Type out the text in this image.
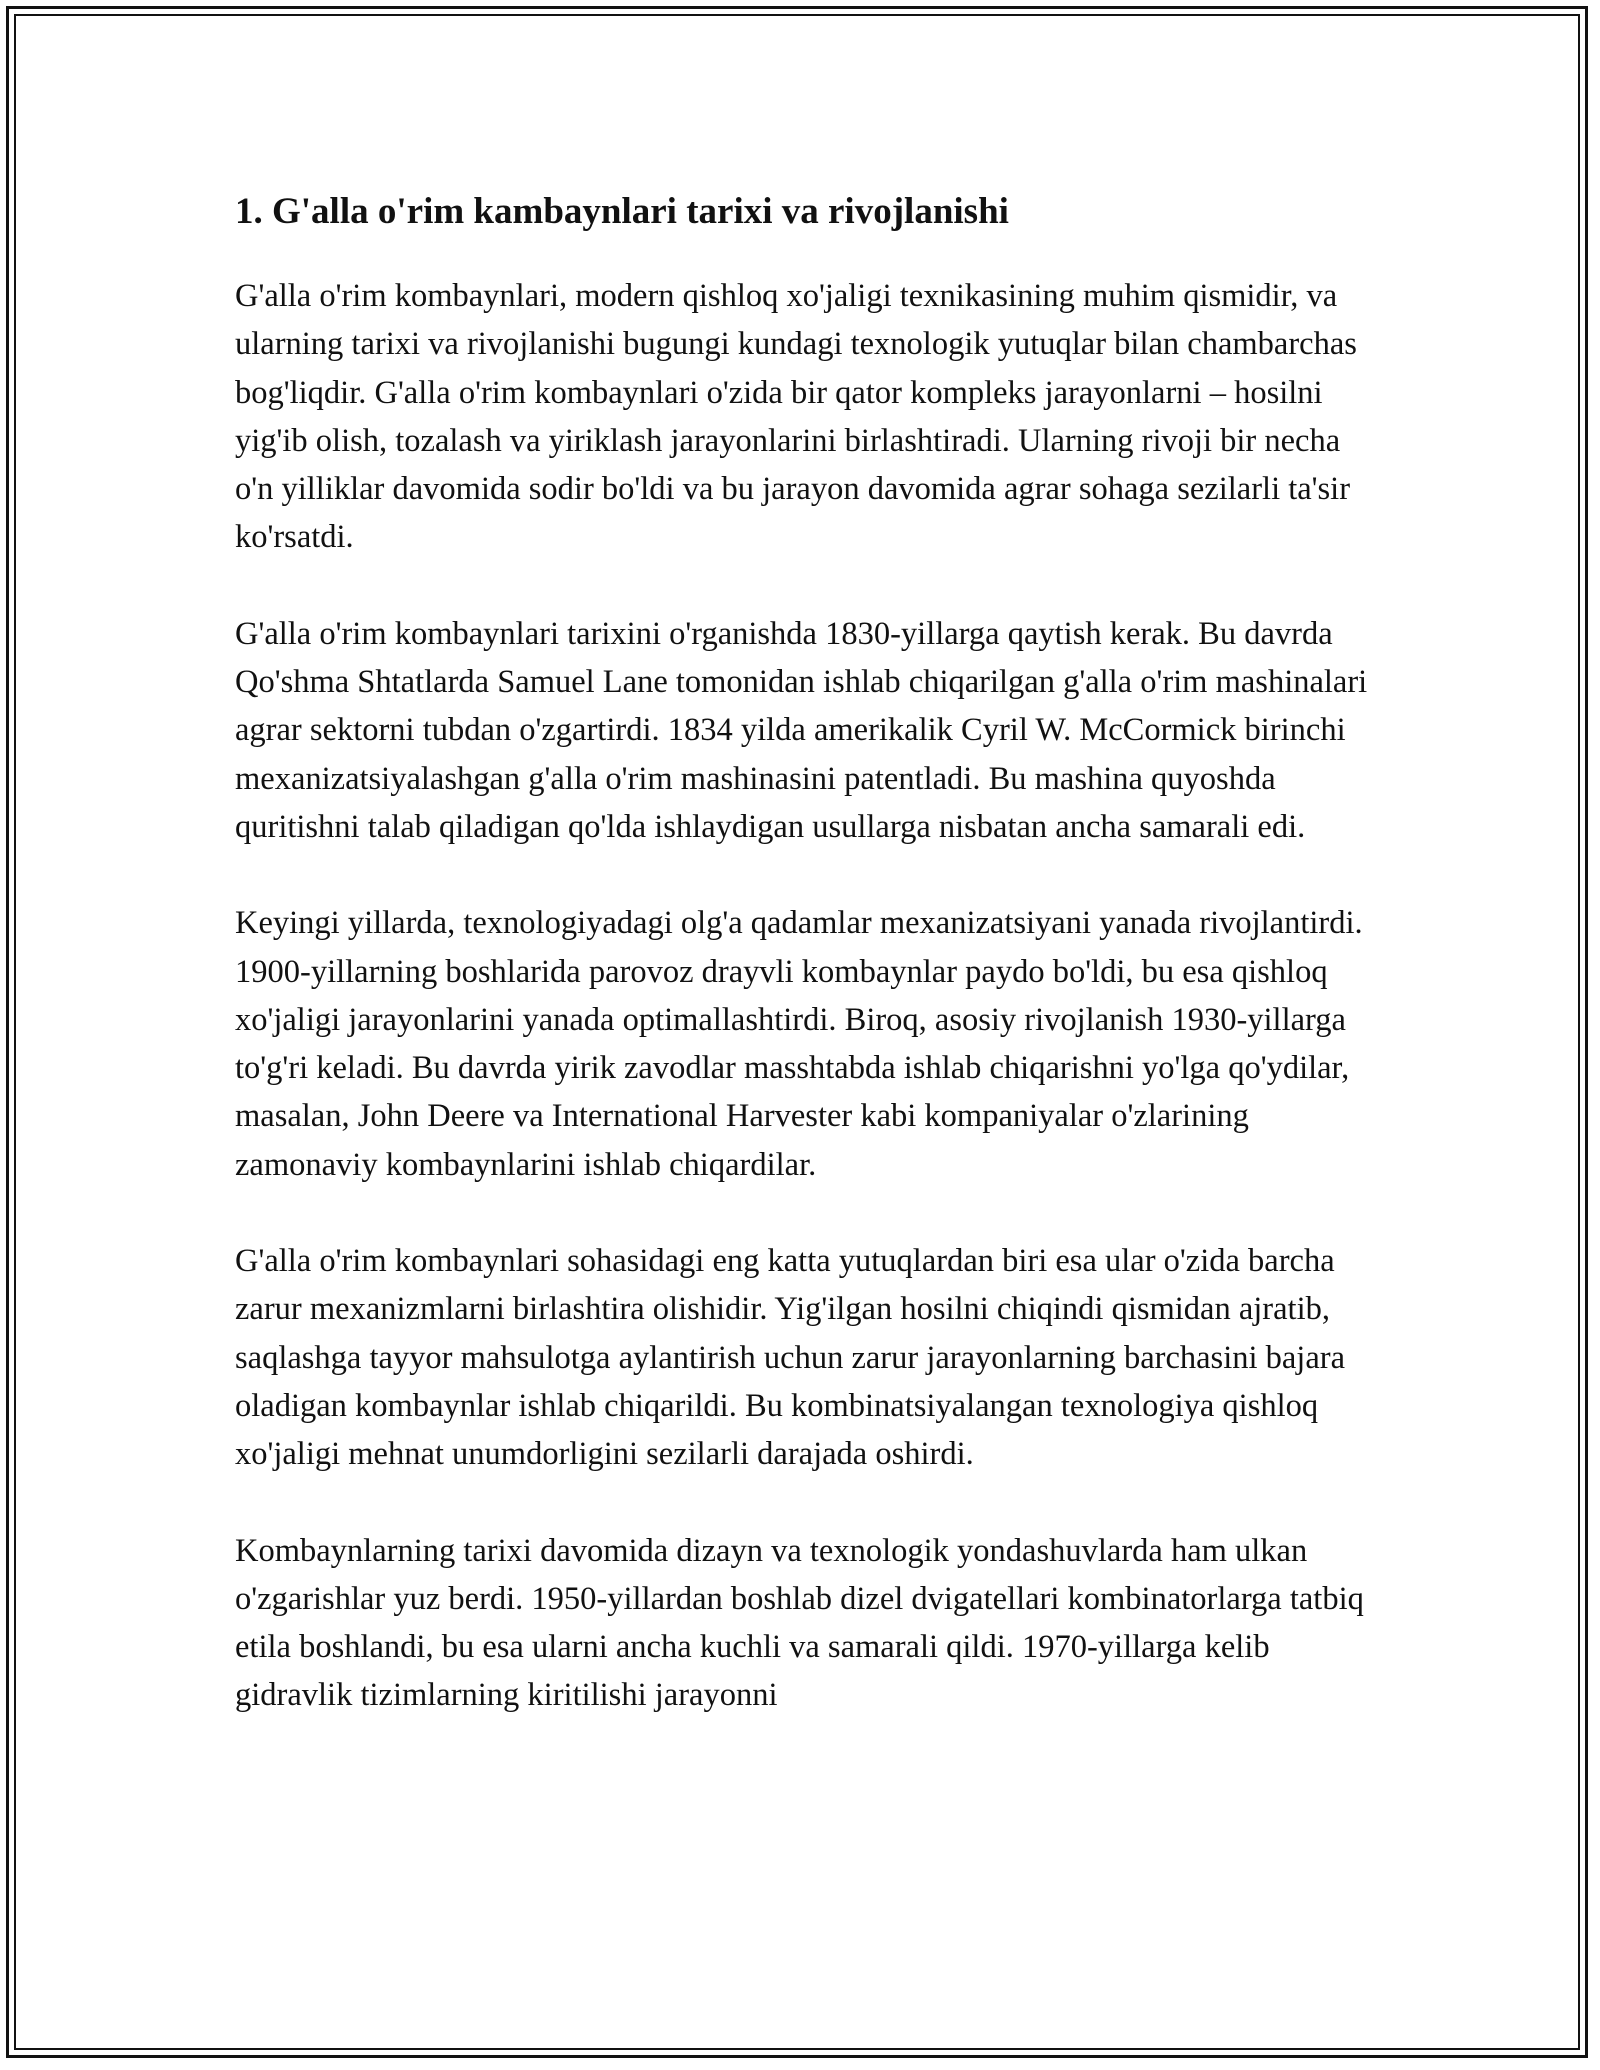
1. G'alla o'rim kambaynlari tarixi va rivojlanishi

G'alla o'rim kombaynlari, modern qishloq xo'jaligi texnikasining muhim qismidir, va ularning tarixi va rivojlanishi bugungi kundagi texnologik yutuqlar bilan chambarchas bog'liqdir. G'alla o'rim kombaynlari o'zida bir qator kompleks jarayonlarni – hosilni yig'ib olish, tozalash va yiriklash jarayonlarini birlashtiradi. Ularning rivoji bir necha o'n yilliklar davomida sodir bo'ldi va bu jarayon davomida agrar sohaga sezilarli ta'sir ko'rsatdi.

G'alla o'rim kombaynlari tarixini o'rganishda 1830-yillarga qaytish kerak. Bu davrda Qo'shma Shtatlarda Samuel Lane tomonidan ishlab chiqarilgan g'alla o'rim mashinalari agrar sektorni tubdan o'zgartirdi. 1834 yilda amerikalik Cyril W. McCormick birinchi mexanizatsiyalashgan g'alla o'rim mashinasini patentladi. Bu mashina quyoshda quritishni talab qiladigan qo'lda ishlaydigan usullarga nisbatan ancha samarali edi.

Keyingi yillarda, texnologiyadagi olg'a qadamlar mexanizatsiyani yanada rivojlantirdi. 1900-yillarning boshlarida parovoz drayvli kombaynlar paydo bo'ldi, bu esa qishloq xo'jaligi jarayonlarini yanada optimallashtirdi. Biroq, asosiy rivojlanish 1930-yillarga to'g'ri keladi. Bu davrda yirik zavodlar masshtabda ishlab chiqarishni yo'lga qo'ydilar, masalan, John Deere va International Harvester kabi kompaniyalar o'zlarining zamonaviy kombaynlarini ishlab chiqardilar.

G'alla o'rim kombaynlari sohasidagi eng katta yutuqlardan biri esa ular o'zida barcha zarur mexanizmlarni birlashtira olishidir. Yig'ilgan hosilni chiqindi qismidan ajratib, saqlashga tayyor mahsulotga aylantirish uchun zarur jarayonlarning barchasini bajara oladigan kombaynlar ishlab chiqarildi. Bu kombinatsiyalangan texnologiya qishloq xo'jaligi mehnat unumdorligini sezilarli darajada oshirdi.

Kombaynlarning tarixi davomida dizayn va texnologik yondashuvlarda ham ulkan o'zgarishlar yuz berdi. 1950-yillardan boshlab dizel dvigatellari kombinatorlarga tatbiq etila boshlandi, bu esa ularni ancha kuchli va samarali qildi. 1970-yillarga kelib gidravlik tizimlarning kiritilishi jarayonni
